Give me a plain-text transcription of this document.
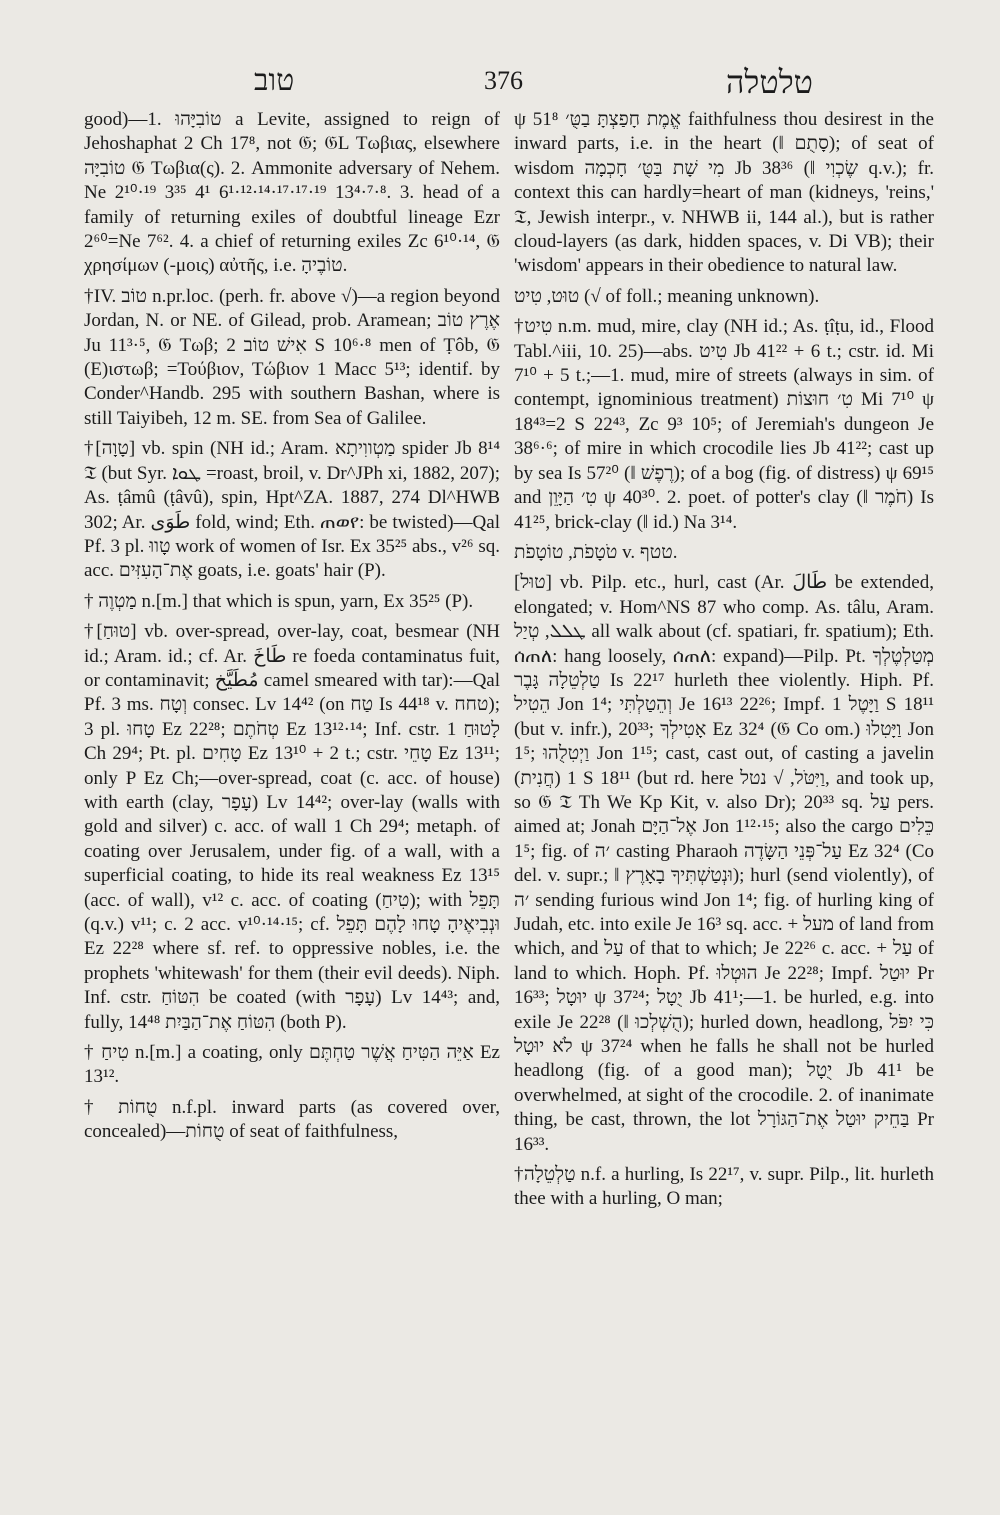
טוב	376	טלטלה

good)—1. טוֹבִיָּהוּ a Levite, assigned to reign of Jehoshaphat 2 Ch 17⁸, not 𝔊; 𝔊L Τωβιας, elsewhere טוֹבִיָּה 𝔊 Τωβια(ς). 2. Ammonite adversary of Nehem. Ne 2¹⁰·¹⁹ 3³⁵ 4¹ 6¹·¹²·¹⁴·¹⁷·¹⁷·¹⁹ 13⁴·⁷·⁸. 3. head of a family of returning exiles of doubtful lineage Ezr 2⁶⁰=Ne 7⁶². 4. a chief of returning exiles Zc 6¹⁰·¹⁴, 𝔊 χρησίμων (-μοις) αὐτῆς, i.e. טוֹבֶיהָ.

†IV. טוֹב n.pr.loc. (perh. fr. above √)—a region beyond Jordan, N. or NE. of Gilead, prob. Aramean; אֶרֶץ טוֹב Ju 11³·⁵, 𝔊 Τωβ; אִישׁ טוֹב 2 S 10⁶·⁸ men of Ṭôb, 𝔊 (E)ιστωβ; =Τούβιον, Τώβιον 1 Macc 5¹³; identif. by Conder^Handb. 295 with southern Bashan, where is still Taiyibeh, 12 m. SE. from Sea of Galilee.

†[טָוָה] vb. spin (NH id.; Aram. מַטְווִיתָא spider Jb 8¹⁴ 𝔗 (but Syr. ܛܘܐ =roast, broil, v. Dr^JPh xi, 1882, 207); As. ṭâmû (ṭâvû), spin, Hpt^ZA. 1887, 274 Dl^HWB 302; Ar. طَوَى fold, wind; Eth. ጠወየ: be twisted)—Qal Pf. 3 pl. טָווּ work of women of Isr. Ex 35²⁵ abs., v²⁶ sq. acc. אֶת־הָעִזִּים goats, i.e. goats' hair (P).

† מַטְוֶה n.[m.] that which is spun, yarn, Ex 35²⁵ (P).

†[טוּחַ] vb. over-spread, over-lay, coat, besmear (NH id.; Aram. id.; cf. Ar. طَاخَ re foeda contaminatus fuit, or contaminavit; مُطَيَّخ camel smeared with tar):—Qal Pf. 3 ms. וְטָח consec. Lv 14⁴² (on טַח Is 44¹⁸ v. טחח); 3 pl. טָחוּ Ez 22²⁸; טְחֹתֶם Ez 13¹²·¹⁴; Inf. cstr. לָטוּחַ 1 Ch 29⁴; Pt. pl. טָחִים Ez 13¹⁰ + 2 t.; cstr. טָחֵי Ez 13¹¹; only P Ez Ch;—over-spread, coat (c. acc. of house) with earth (clay, עָפָר) Lv 14⁴²; over-lay (walls with gold and silver) c. acc. of wall 1 Ch 29⁴; metaph. of coating over Jerusalem, under fig. of a wall, with a superficial coating, to hide its real weakness Ez 13¹⁵ (acc. of wall), v¹² c. acc. of coating (טִיחַ); with תָּפֵל (q.v.) v¹¹; c. 2 acc. v¹⁰·¹⁴·¹⁵; cf. וּנְבִיאֶיהָ טָחוּ לָהֶם תָּפֵל Ez 22²⁸ where sf. ref. to oppressive nobles, i.e. the prophets 'whitewash' for them (their evil deeds). Niph. Inf. cstr. הִטּוֹחַ be coated (with עָפָר) Lv 14⁴³; and, fully, הִטּוֹחַ אֶת־הַבַּיִת 14⁴⁸ (both P).

† טִיחַ n.[m.] a coating, only אַיֵּה הַטִּיחַ אֲשֶׁר טַחְתֶּם Ez 13¹².

† טֻחוֹת n.f.pl. inward parts (as covered over, concealed)—טֻחוֹת of seat of faithfulness,

ψ 51⁸ אֱמֶת חָפַצְתָּ בַטֻּ׳ faithfulness thou desirest in the inward parts, i.e. in the heart (‖ סָתֻם); of seat of wisdom מִי שָׁת בַּטֻּ׳ חָכְמָה Jb 38³⁶ (‖ שֶׂכְוִי q.v.); fr. context this can hardly=heart of man (kidneys, 'reins,' 𝔗, Jewish interpr., v. NHWB ii, 144 al.), but is rather cloud-layers (as dark, hidden spaces, v. Di VB); their 'wisdom' appears in their obedience to natural law.

טוּט, טִיט (√ of foll.; meaning unknown).

†טִיט n.m. mud, mire, clay (NH id.; As. ṭîṭu, id., Flood Tabl.^iii, 10. 25)—abs. טִיט Jb 41²² + 6 t.; cstr. id. Mi 7¹⁰ + 5 t.;—1. mud, mire of streets (always in sim. of contempt, ignominious treatment) טִ׳ חוּצוֹת Mi 7¹⁰ ψ 18⁴³=2 S 22⁴³, Zc 9³ 10⁵; of Jeremiah's dungeon Je 38⁶·⁶; of mire in which crocodile lies Jb 41²²; cast up by sea Is 57²⁰ (‖ רֶפֶשׁ); of a bog (fig. of distress) ψ 69¹⁵ and טִ׳ הַיָּוֵן ψ 40³⁰. 2. poet. of potter's clay (‖ חֹמֶר) Is 41²⁵, brick-clay (‖ id.) Na 3¹⁴.

טֹטָפֹת, טוֹטָפֹת v. טטף.

[טוּל] vb. Pilp. etc., hurl, cast (Ar. طَالَ be extended, elongated; v. Hom^NS 87 who comp. As. tâlu, Aram. ܛܠܠ, טְיַל all walk about (cf. spatiari, fr. spatium); Eth. ሰጠለ: hang loosely, ሰጠለ: expand)—Pilp. Pt. מְטַלְטֶלְךָ טַלְטֵלָה גָּבֶר Is 22¹⁷ hurleth thee violently. Hiph. Pf. הֵטִיל Jon 1⁴; וְהֵטַלְתִּי Je 16¹³ 22²⁶; Impf. וַיָּטֶל 1 S 18¹¹ (but v. infr.), 20³³; אָטִילְךָ Ez 32⁴ (𝔊 Co om.) וַיָּטִלוּ Jon 1⁵; וַיְטִלֻהוּ Jon 1¹⁵; cast, cast out, of casting a javelin (חֲנִית) 1 S 18¹¹ (but rd. here וַיִּטֹּל, √ נטל, and took up, so 𝔊 𝔗 Th We Kp Kit, v. also Dr); 20³³ sq. עַל pers. aimed at; Jonah אֶל־הַיָּם Jon 1¹²·¹⁵; also the cargo כֵּלִים 1⁵; fig. of ׳ה casting Pharaoh עַל־פְּנֵי הַשָּׂדֶה Ez 32⁴ (Co del. v. supr.; ‖ וּנְטַשְׁתִּיךָ בָאָרֶץ); hurl (send violently), of ׳ה sending furious wind Jon 1⁴; fig. of hurling king of Judah, etc. into exile Je 16³ sq. acc. + מעל of land from which, and עַל of that to which; Je 22²⁶ c. acc. + עַל of land to which. Hoph. Pf. הוּטְלוּ Je 22²⁸; Impf. יוּטַל Pr 16³³; יוּטָל ψ 37²⁴; יֻטָל Jb 41¹;—1. be hurled, e.g. into exile Je 22²⁸ (‖ הֻשְׁלְכוּ); hurled down, headlong, כִּי יִפֹּל לֹא יוּטָל ψ 37²⁴ when he falls he shall not be hurled headlong (fig. of a good man); יֻטָל Jb 41¹ be overwhelmed, at sight of the crocodile. 2. of inanimate thing, be cast, thrown, the lot בַּחֵיק יוּטַל אֶת־הַגּוֹרָל Pr 16³³.

†טַלְטֵלָה n.f. a hurling, Is 22¹⁷, v. supr. Pilp., lit. hurleth thee with a hurling, O man;
